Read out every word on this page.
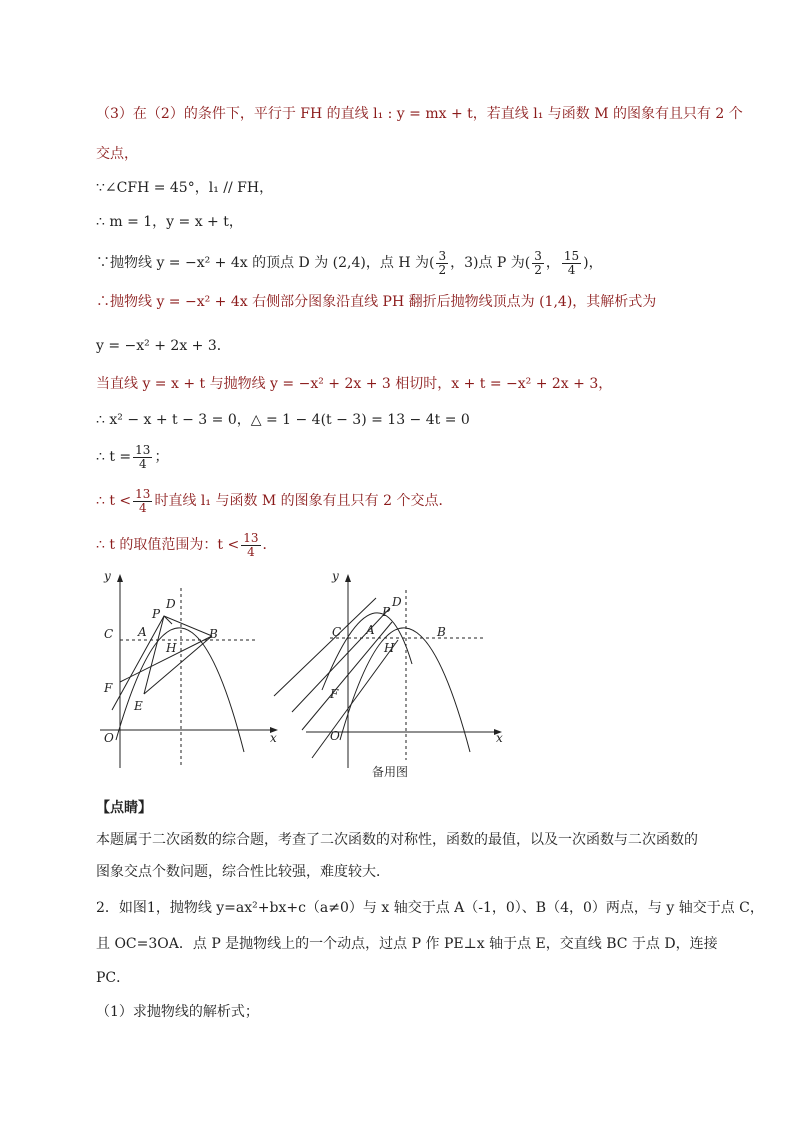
（3）在（2）的条件下，平行于 FH 的直线 l₁ : y = mx + t，若直线 l₁ 与函数 M 的图象有且只有 2 个
交点，
∵∠CFH = 45°，l₁ // FH，
∴ m = 1，y = x + t，
∵抛物线 y = −x² + 4x 的顶点 D 为 (2,4)，点 H 为( $\frac{3}{2}$ ，3)点 P 为( $\frac{3}{2}$ ， $\frac{15}{4}$ )，
∴抛物线 y = −x² + 4x 右侧部分图象沿直线 PH 翻折后抛物线顶点为 (1,4)，其解析式为
y = −x² + 2x + 3．
当直线 y = x + t 与抛物线 y = −x² + 2x + 3 相切时，x + t = −x² + 2x + 3，
∴ x² − x + t − 3 = 0，△ = 1 − 4(t − 3) = 13 − 4t = 0
∴ $t = \frac{13}{4}$ ；
∴ $t < \frac{13}{4}$ 时直线 l₁ 与函数 M 的图象有且只有 2 个交点．
∴ t 的取值范围为：$t < \frac{13}{4}$ ．
y
x
O
C A
P
D
B
H
F
E
y
x
O
C A
P
D
B
H
F
备用图
【点睛】
本题属于二次函数的综合题，考查了二次函数的对称性，函数的最值，以及一次函数与二次函数的
图象交点个数问题，综合性比较强，难度较大．
2．如图1，抛物线 y=ax²+bx+c（a≠0）与 x 轴交于点 A（-1，0）、B（4，0）两点，与 y 轴交于点 C，
且 OC=3OA．点 P 是抛物线上的一个动点，过点 P 作 PE⊥x 轴于点 E，交直线 BC 于点 D，连接
PC．
（1）求抛物线的解析式；
